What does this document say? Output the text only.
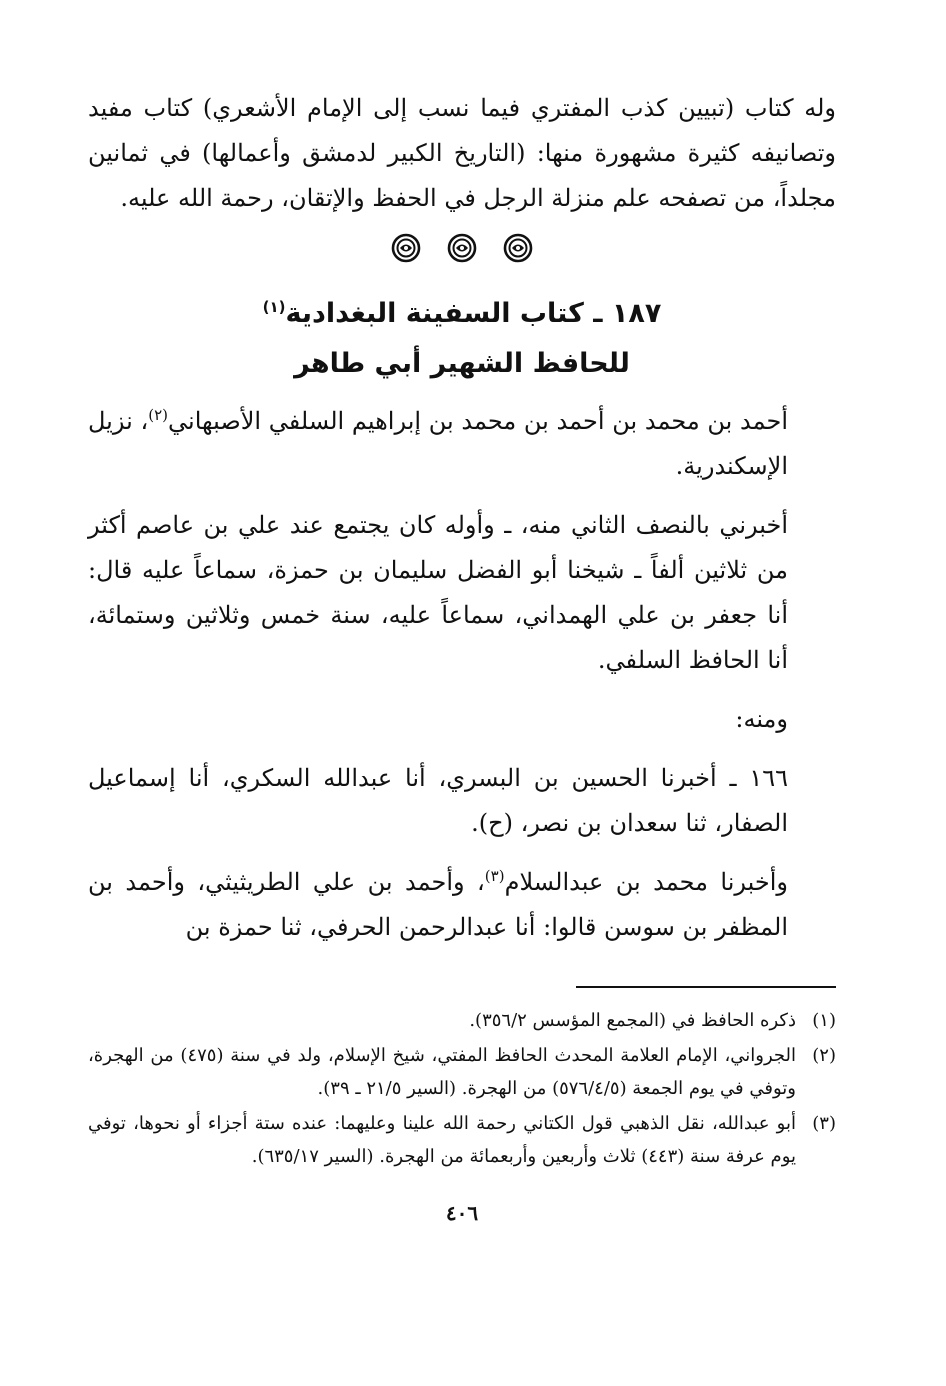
وله كتاب (تبيين كذب المفتري فيما نسب إلى الإمام الأشعري) كتاب مفيد وتصانيفه كثيرة مشهورة منها: (التاريخ الكبير لدمشق وأعمالها) في ثمانين مجلداً، من تصفحه علم منزلة الرجل في الحفظ والإتقان، رحمة الله عليه.

١٨٧ ـ كتاب السفينة البغدادية$^{(١)}$

للحافظ الشهير أبي طاهر

أحمد بن محمد بن أحمد بن محمد بن إبراهيم السلفي الأصبهاني$^{(٢)}$، نزيل الإسكندرية.

أخبرني بالنصف الثاني منه، ـ وأوله كان يجتمع عند علي بن عاصم أكثر من ثلاثين ألفاً ـ شيخنا أبو الفضل سليمان بن حمزة، سماعاً عليه قال: أنا جعفر بن علي الهمداني، سماعاً عليه، سنة خمس وثلاثين وستمائة، أنا الحافظ السلفي.

ومنه:

١٦٦ ـ أخبرنا الحسين بن البسري، أنا عبدالله السكري، أنا إسماعيل الصفار، ثنا سعدان بن نصر، (ح).

وأخبرنا محمد بن عبدالسلام$^{(٣)}$، وأحمد بن علي الطريثيثي، وأحمد بن المظفر بن سوسن قالوا: أنا عبدالرحمن الحرفي، ثنا حمزة بن

(١)
ذكره الحافظ في (المجمع المؤسس ٣٥٦/٢).
(٢)
الجرواني، الإمام العلامة المحدث الحافظ المفتي، شيخ الإسلام، ولد في سنة (٤٧٥) من الهجرة، وتوفي في يوم الجمعة (٥٧٦/٤/٥) من الهجرة. (السير ٢١/٥ ـ ٣٩).
(٣)
أبو عبدالله، نقل الذهبي قول الكتاني رحمة الله علينا وعليهما: عنده ستة أجزاء أو نحوها، توفي يوم عرفة سنة (٤٤٣) ثلاث وأربعين وأربعمائة من الهجرة. (السير ٦٣٥/١٧).
٤٠٦
